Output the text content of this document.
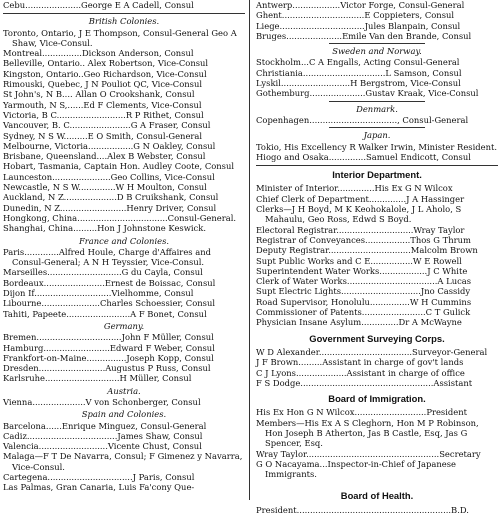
Cebu.....................George E A Cadell, Consul
British Colonies.
Toronto, Ontario, J E Thompson, Consul-General Geo A Shaw, Vice-Consul.
Montreal...............Dickson Anderson, Consul
Belleville, Ontario.. Alex Robertson, Vice-Consul
Kingston, Ontario..Geo Richardson, Vice-Consul
Rimouski, Quebec, J N Pouliot QC, Vice-Consul
St John's, N B.... Allan O Crookshank, Consul
Yarmouth, N S,......Ed F Clements, Vice-Consul
Victoria, B C..........................R P Rithet, Consul
Vancouver, B. C.......................G A Fraser, Consul
Sydney, N S W.........E O Smith, Consul-General
Melbourne, Victoria.................G N Oakley, Consul
Brisbane, Queensland....Alex B Webster, Consul
Hobart, Tasmania, Captain Hon. Audley Coote, Consul
Launceston......................Geo Collins, Vice-Consul
Newcastle, N S W..............W H Moulton, Consul
Auckland, N Z....................D B Cruikshank, Consul
Dunedin, N Z.........................Henry Driver, Consul
Hongkong, China..................................Consul-General.
Shanghai, China.........Hon J Johnstone Keswick.
France and Colonies.
Paris.............Alfred Houle, Charge d'Affaires and Consul-General; A N H Teyssier, Vice-Consul.
Marseilles............................G du Cayla, Consul
Bordeaux.......................Ernest de Boissac, Consul
Dijon If.............................Vielhomme, Consul
Libourne......................Charles Schoessier, Consul
Tahiti, Papeete........................A F Bonet, Consul
Germany.
Bremen................................John F Müller, Consul
Hamburg.........................Edward F Weber, Consul
Frankfort-on-Maine...............Joseph Kopp, Consul
Dresden.........................Augustus P Russ, Consul
Karlsruhe............................H Müller, Consul
Austria.
Vienna....................V von Schonberger, Consul
Spain and Colonies.
Barcelona......Enrique Minguez, Consul-General
Cadiz..................................James Shaw, Consul
Valencia..........................Vicente Chust, Consul
Malaga—F T De Navarra, Consul; F Gimenez y Navarra, Vice-Consul.
Cartegena................................J Paris, Consul
Las Palmas, Gran Canaria, Luis Fa'cony Que-
Antwerp..................Victor Forge, Consul-General
Ghent...............................E Coppieters, Consul
Liege................................Jules Blanpain, Consul
Bruges.....................Emile Van den Brande, Consul
Sweden and Norway.
Stockholm...C A Engalls, Acting Consul-General
Christiania...............................L Samson, Consul
Lyskil..........................H Bergstrom, Vice-Consul
Gothemburg.....................Gustav Kraak, Vice-Consul
Denmark.
Copenhagen................................., Consul-General
Japan.
Tokio, His Excellency R Walker Irwin, Minister Resident.
Hiogo and Osaka..............Samuel Endicott, Consul
Interior Department.
Minister of Interior..............His Ex G N Wilcox
Chief Clerk of Department..............J A Hassinger
Clerks—J H Boyd, M K Keohokalole, J L Aholo, S Mahaulu, Geo Ross, Edwd S Boyd.
Electoral Registrar.............................Wray Taylor
Registrar of Conveyances.................Thos G Thrum
Deputy Registrar...............................Malcolm Brown
Supt Public Works and C E................W E Rowell
Superintendent Water Works..................J C White
Clerk of Water Works..................................A Lucas
Supt Electric Lights..............................Jno Cassidy
Road Supervisor, Honolulu...............W H Cummins
Commissioner of Patents........................C T Gulick
Physician Insane Asylum..............Dr A McWayne
Government Surveying Corps.
W D Alexander...................................Surveyor-General
J F Brown.........Assistant in charge of gov't lands
C J Lyons...................Assistant in charge of office
F S Dodge..................................................Assistant
Board of Immigration.
His Ex Hon G N Wilcox...........................President
Members—His Ex A S Cleghorn, Hon M P Robinson, Hon Joseph B Atherton, Jas B Castle, Esq, Jas G Spencer, Esq.
Wray Taylor..................................................Secretary
G O Nacayama...Inspector-in-Chief of Japanese Immigrants.
Board of Health.
President..........................................................B.D.
